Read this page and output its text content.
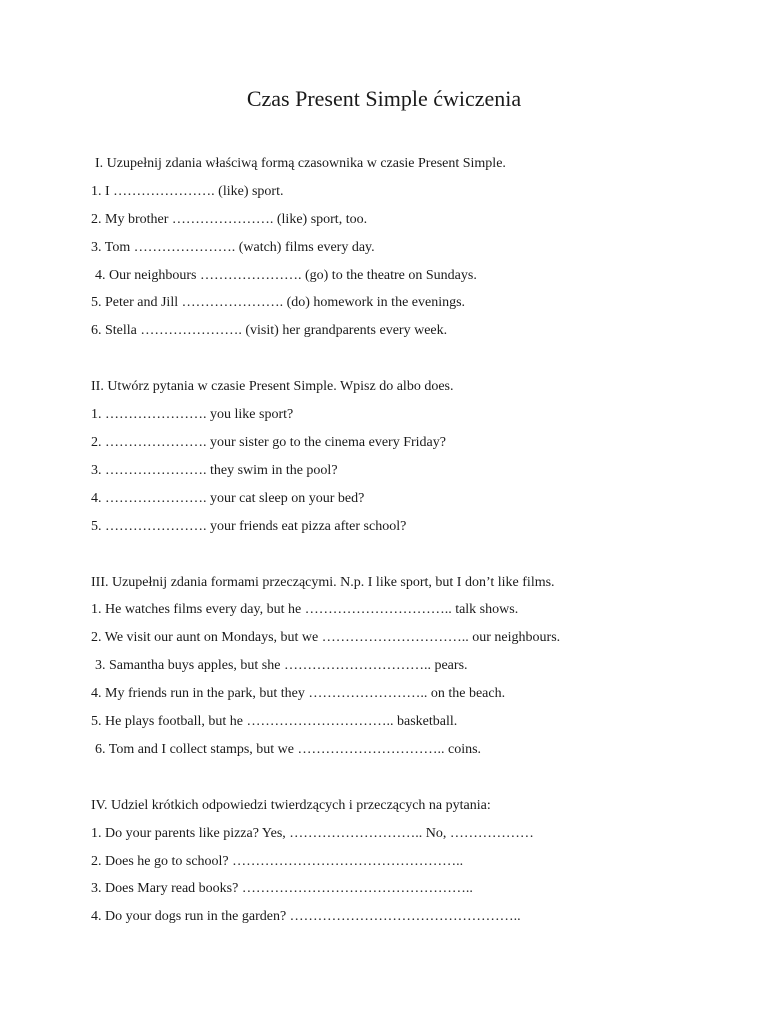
Czas Present Simple ćwiczenia
I. Uzupełnij zdania właściwą formą czasownika w czasie Present Simple.
1. I …………………. (like) sport.
2. My brother …………………. (like) sport, too.
3. Tom …………………. (watch) films every day.
4. Our neighbours …………………. (go) to the theatre on Sundays.
5. Peter and Jill …………………. (do) homework in the evenings.
6. Stella …………………. (visit) her grandparents every week.
II. Utwórz pytania w czasie Present Simple. Wpisz do albo does.
1. …………………. you like sport?
2. …………………. your sister go to the cinema every Friday?
3. …………………. they swim in the pool?
4. …………………. your cat sleep on your bed?
5. …………………. your friends eat pizza after school?
III. Uzupełnij zdania formami przeczącymi. N.p. I like sport, but I don’t like films.
1. He watches films every day, but he ………………………….. talk shows.
2. We visit our aunt on Mondays, but we ………………………….. our neighbours.
3. Samantha buys apples, but she ………………………….. pears.
4. My friends run in the park, but they …………………….. on the beach.
5. He plays football, but he ………………………….. basketball.
6. Tom and I collect stamps, but we ………………………….. coins.
IV. Udziel krótkich odpowiedzi twierdzących i przeczących na pytania:
1. Do your parents like pizza? Yes, ……………………….. No, ………………
2. Does he go to school? …………………………………………..
3. Does Mary read books? …………………………………………..
4. Do your dogs run in the garden? …………………………………………..
